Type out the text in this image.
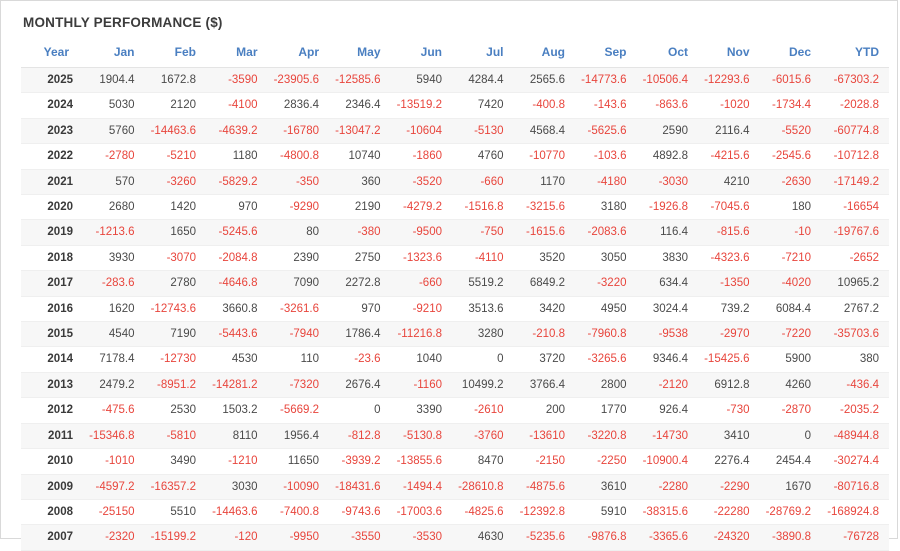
MONTHLY PERFORMANCE ($)
Year	Jan	Feb	Mar	Apr	May	Jun	Jul	Aug	Sep	Oct	Nov	Dec	YTD
2025	1904.4	1672.8	-3590	-23905.6	-12585.6	5940	4284.4	2565.6	-14773.6	-10506.4	-12293.6	-6015.6	-67303.2
2024	5030	2120	-4100	2836.4	2346.4	-13519.2	7420	-400.8	-143.6	-863.6	-1020	-1734.4	-2028.8
2023	5760	-14463.6	-4639.2	-16780	-13047.2	-10604	-5130	4568.4	-5625.6	2590	2116.4	-5520	-60774.8
2022	-2780	-5210	1180	-4800.8	10740	-1860	4760	-10770	-103.6	4892.8	-4215.6	-2545.6	-10712.8
2021	570	-3260	-5829.2	-350	360	-3520	-660	1170	-4180	-3030	4210	-2630	-17149.2
2020	2680	1420	970	-9290	2190	-4279.2	-1516.8	-3215.6	3180	-1926.8	-7045.6	180	-16654
2019	-1213.6	1650	-5245.6	80	-380	-9500	-750	-1615.6	-2083.6	116.4	-815.6	-10	-19767.6
2018	3930	-3070	-2084.8	2390	2750	-1323.6	-4110	3520	3050	3830	-4323.6	-7210	-2652
2017	-283.6	2780	-4646.8	7090	2272.8	-660	5519.2	6849.2	-3220	634.4	-1350	-4020	10965.2
2016	1620	-12743.6	3660.8	-3261.6	970	-9210	3513.6	3420	4950	3024.4	739.2	6084.4	2767.2
2015	4540	7190	-5443.6	-7940	1786.4	-11216.8	3280	-210.8	-7960.8	-9538	-2970	-7220	-35703.6
2014	7178.4	-12730	4530	110	-23.6	1040	0	3720	-3265.6	9346.4	-15425.6	5900	380
2013	2479.2	-8951.2	-14281.2	-7320	2676.4	-1160	10499.2	3766.4	2800	-2120	6912.8	4260	-436.4
2012	-475.6	2530	1503.2	-5669.2	0	3390	-2610	200	1770	926.4	-730	-2870	-2035.2
2011	-15346.8	-5810	8110	1956.4	-812.8	-5130.8	-3760	-13610	-3220.8	-14730	3410	0	-48944.8
2010	-1010	3490	-1210	11650	-3939.2	-13855.6	8470	-2150	-2250	-10900.4	2276.4	2454.4	-30274.4
2009	-4597.2	-16357.2	3030	-10090	-18431.6	-1494.4	-28610.8	-4875.6	3610	-2280	-2290	1670	-80716.8
2008	-25150	5510	-14463.6	-7400.8	-9743.6	-17003.6	-4825.6	-12392.8	5910	-38315.6	-22280	-28769.2	-168924.8
2007	-2320	-15199.2	-120	-9950	-3550	-3530	4630	-5235.6	-9876.8	-3365.6	-24320	-3890.8	-76728
